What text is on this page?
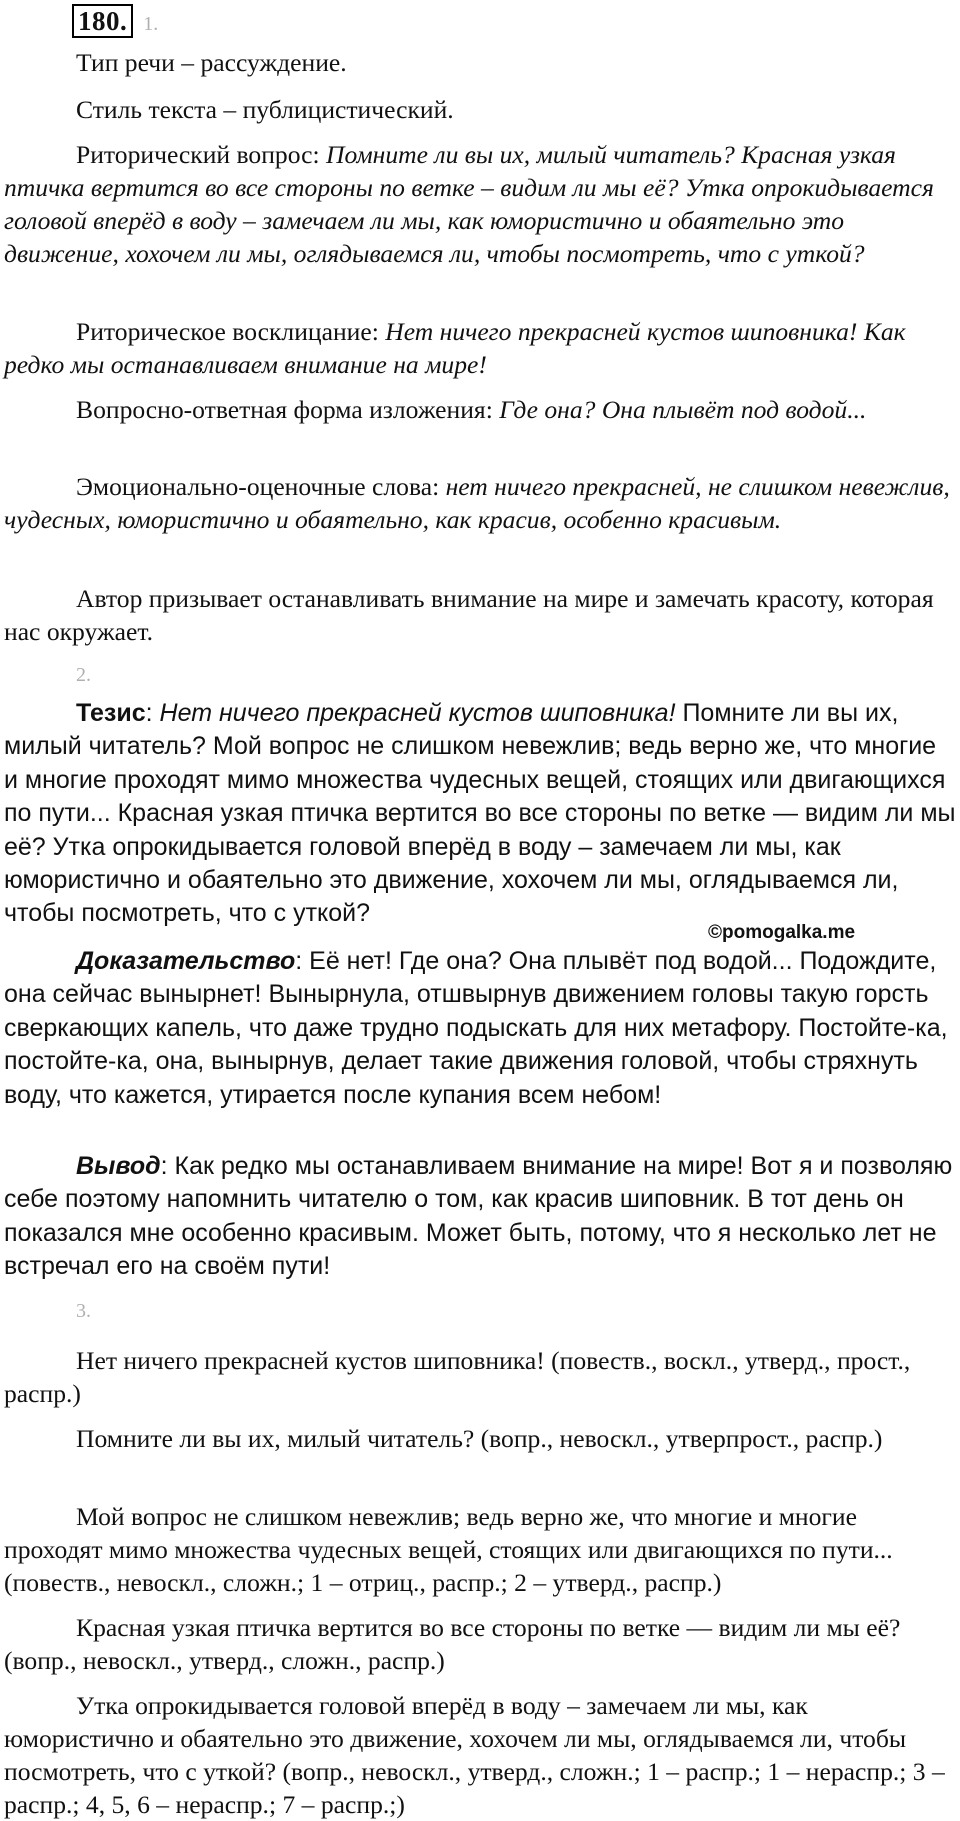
180. 1.

Тип речи – рассуждение.

Стиль текста – публицистический.

Риторический вопрос: Помните ли вы их, милый читатель? Красная узкая птичка вертится во все стороны по ветке – видим ли мы её? Утка опрокидывается головой вперёд в воду – замечаем ли мы, как юмористично и обаятельно это движение, хохочем ли мы, оглядываемся ли, чтобы посмотреть, что с уткой?

Риторическое восклицание: Нет ничего прекрасней кустов шиповника! Как редко мы останавливаем внимание на мире!

Вопросно-ответная форма изложения: Где она? Она плывёт под водой...

Эмоционально-оценочные слова: нет ничего прекрасней, не слишком невежлив, чудесных, юмористично и обаятельно, как красив, особенно красивым.

Автор призывает останавливать внимание на мире и замечать красоту, которая нас окружает.

2.

Тезис: Нет ничего прекрасней кустов шиповника! Помните ли вы их, милый читатель? Мой вопрос не слишком невежлив; ведь верно же, что многие и многие проходят мимо множества чудесных вещей, стоящих или двигающихся по пути... Красная узкая птичка вертится во все стороны по ветке — видим ли мы её? Утка опрокидывается головой вперёд в воду – замечаем ли мы, как юмористично и обаятельно это движение, хохочем ли мы, оглядываемся ли, чтобы посмотреть, что с уткой?

©pomogalka.me

Доказательство: Её нет! Где она? Она плывёт под водой... Подождите, она сейчас вынырнет! Вынырнула, отшвырнув движением головы такую горсть сверкающих капель, что даже трудно подыскать для них метафору. Постойте-ка, постойте-ка, она, вынырнув, делает такие движения головой, чтобы стряхнуть воду, что кажется, утирается после купания всем небом!

Вывод: Как редко мы останавливаем внимание на мире! Вот я и позволяю себе поэтому напомнить читателю о том, как красив шиповник. В тот день он показался мне особенно красивым. Может быть, потому, что я несколько лет не встречал его на своём пути!

3.

Нет ничего прекрасней кустов шиповника! (повеств., воскл., утверд., прост., распр.)

Помните ли вы их, милый читатель? (вопр., невоскл., утверпрост., распр.)

Мой вопрос не слишком невежлив; ведь верно же, что многие и многие проходят мимо множества чудесных вещей, стоящих или двигающихся по пути... (повеств., невоскл., сложн.; 1 – отриц., распр.; 2 – утверд., распр.)

Красная узкая птичка вертится во все стороны по ветке — видим ли мы её? (вопр., невоскл., утверд., сложн., распр.)

Утка опрокидывается головой вперёд в воду – замечаем ли мы, как юмористично и обаятельно это движение, хохочем ли мы, оглядываемся ли, чтобы посмотреть, что с уткой? (вопр., невоскл., утверд., сложн.; 1 – распр.; 1 – нераспр.; 3 – распр.; 4, 5, 6 – нераспр.; 7 – распр.;)
